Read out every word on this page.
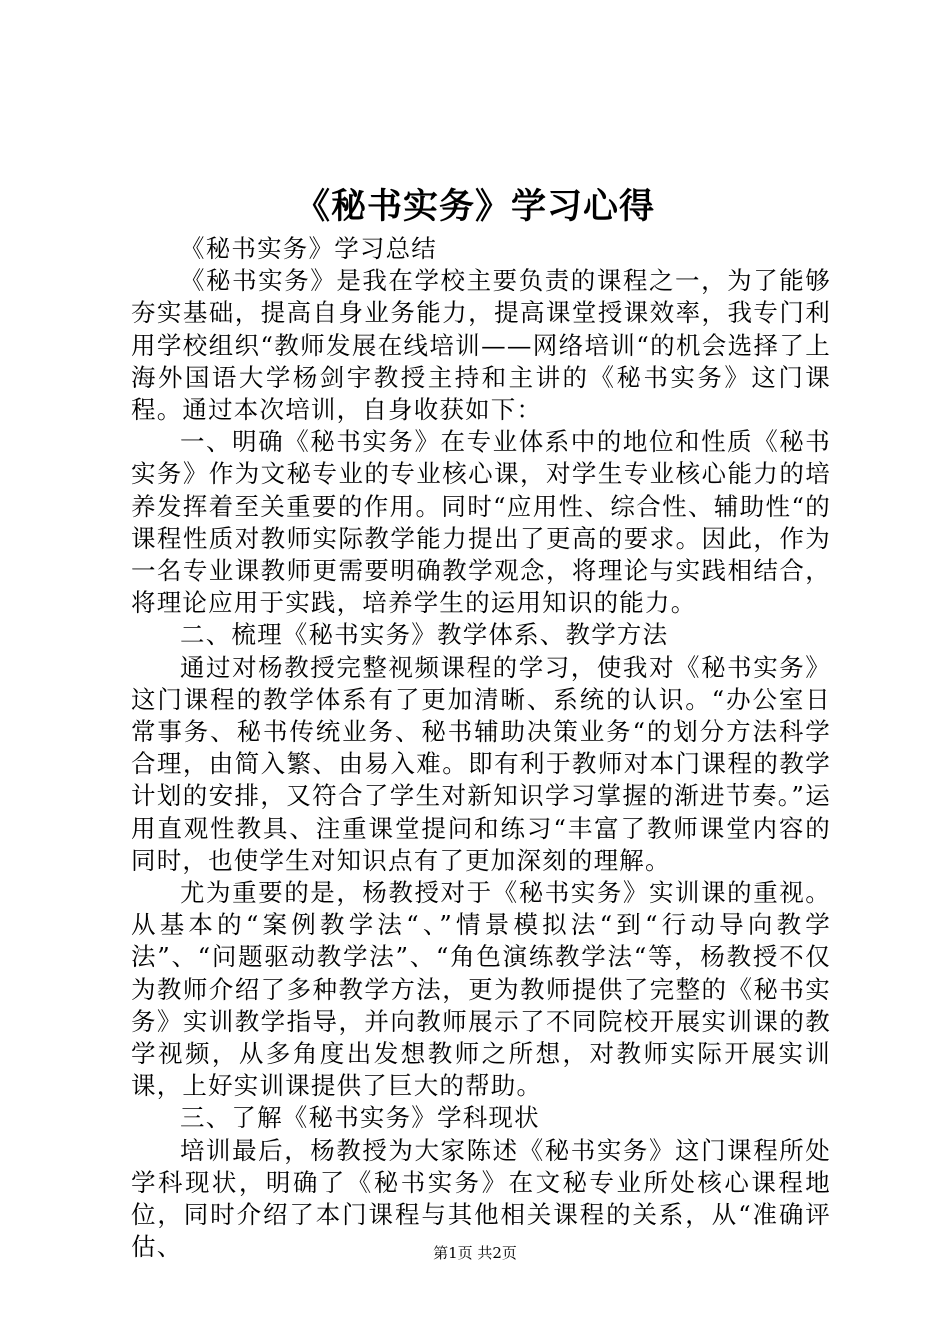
《秘书实务》学习心得

《秘书实务》学习总结

《秘书实务》是我在学校主要负责的课程之一，为了能够夯实基础，提高自身业务能力，提高课堂授课效率，我专门利用学校组织“教师发展在线培训——网络培训“的机会选择了上海外国语大学杨剑宇教授主持和主讲的《秘书实务》这门课程。通过本次培训，自身收获如下：

一、明确《秘书实务》在专业体系中的地位和性质《秘书实务》作为文秘专业的专业核心课，对学生专业核心能力的培养发挥着至关重要的作用。同时“应用性、综合性、辅助性“的课程性质对教师实际教学能力提出了更高的要求。因此，作为一名专业课教师更需要明确教学观念，将理论与实践相结合，将理论应用于实践，培养学生的运用知识的能力。

二、梳理《秘书实务》教学体系、教学方法

通过对杨教授完整视频课程的学习，使我对《秘书实务》这门课程的教学体系有了更加清晰、系统的认识。“办公室日常事务、秘书传统业务、秘书辅助决策业务“的划分方法科学合理，由简入繁、由易入难。即有利于教师对本门课程的教学计划的安排，又符合了学生对新知识学习掌握的渐进节奏。”运用直观性教具、注重课堂提问和练习“丰富了教师课堂内容的同时，也使学生对知识点有了更加深刻的理解。

尤为重要的是，杨教授对于《秘书实务》实训课的重视。从基本的“案例教学法“、”情景模拟法“到“行动导向教学法”、“问题驱动教学法”、“角色演练教学法“等，杨教授不仅为教师介绍了多种教学方法，更为教师提供了完整的《秘书实务》实训教学指导，并向教师展示了不同院校开展实训课的教学视频，从多角度出发想教师之所想，对教师实际开展实训课，上好实训课提供了巨大的帮助。

三、了解《秘书实务》学科现状

培训最后，杨教授为大家陈述《秘书实务》这门课程所处学科现状，明确了《秘书实务》在文秘专业所处核心课程地位，同时介绍了本门课程与其他相关课程的关系，从“准确评估、	第1页 共2页
